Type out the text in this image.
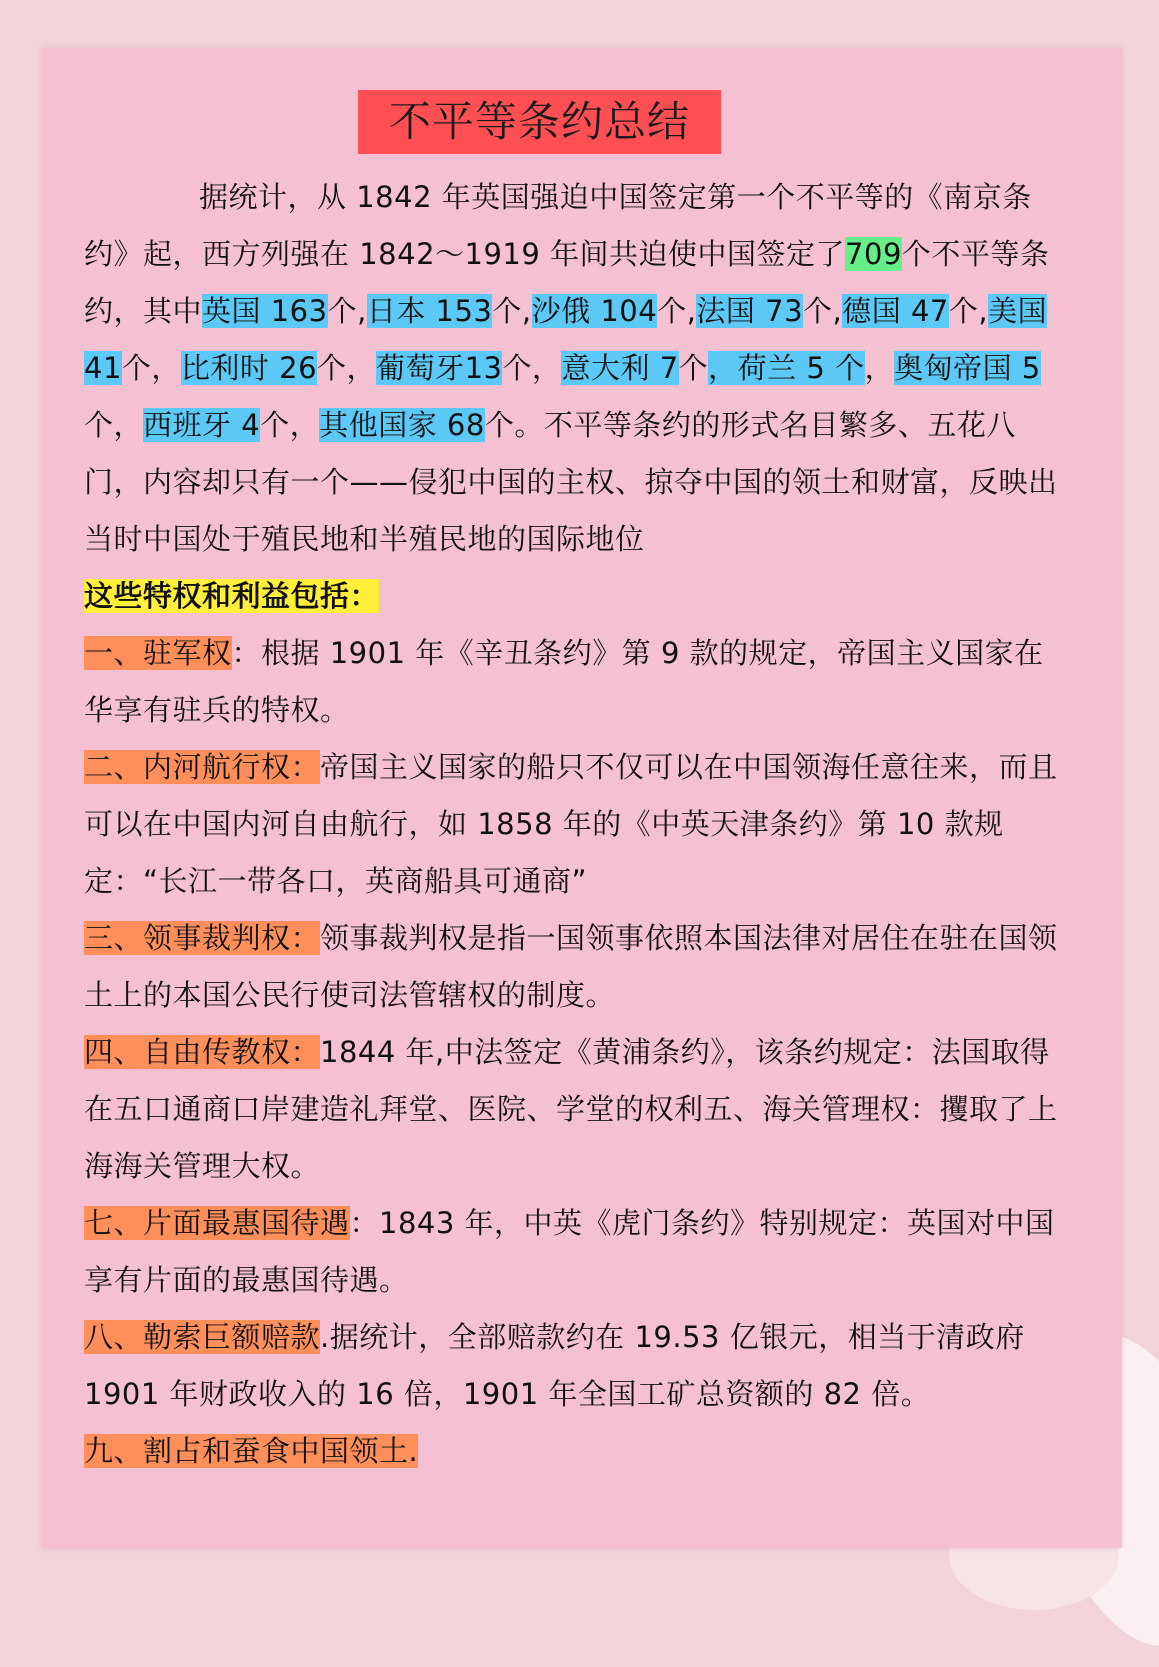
不平等条约总结

据统计，从 1842 年英国强迫中国签定第一个不平等的《南京条约》起，西方列强在 1842～1919 年间共迫使中国签定了709个不平等条约，其中英国 163个,日本 153个,沙俄 104个,法国 73个,德国 47个,美国 41个，比利时 26个，葡萄牙13个，意大利 7个，荷兰 5 个，奥匈帝国 5个，西班牙 4个，其他国家 68个。不平等条约的形式名目繁多、五花八门，内容却只有一个——侵犯中国的主权、掠夺中国的领土和财富，反映出当时中国处于殖民地和半殖民地的国际地位

这些特权和利益包括：

一、驻军权：根据 1901 年《辛丑条约》第 9 款的规定，帝国主义国家在华享有驻兵的特权。

二、内河航行权：帝国主义国家的船只不仅可以在中国领海任意往来，而且可以在中国内河自由航行，如 1858 年的《中英天津条约》第 10 款规定：“长江一带各口，英商船具可通商”

三、领事裁判权：领事裁判权是指一国领事依照本国法律对居住在驻在国领土上的本国公民行使司法管辖权的制度。

四、自由传教权：1844 年,中法签定《黄浦条约》，该条约规定：法国取得在五口通商口岸建造礼拜堂、医院、学堂的权利五、海关管理权：攫取了上海海关管理大权。

七、片面最惠国待遇：1843 年，中英《虎门条约》特别规定：英国对中国享有片面的最惠国待遇。

八、勒索巨额赔款.据统计，全部赔款约在 19.53 亿银元，相当于清政府 1901 年财政收入的 16 倍，1901 年全国工矿总资额的 82 倍。

九、割占和蚕食中国领土.
